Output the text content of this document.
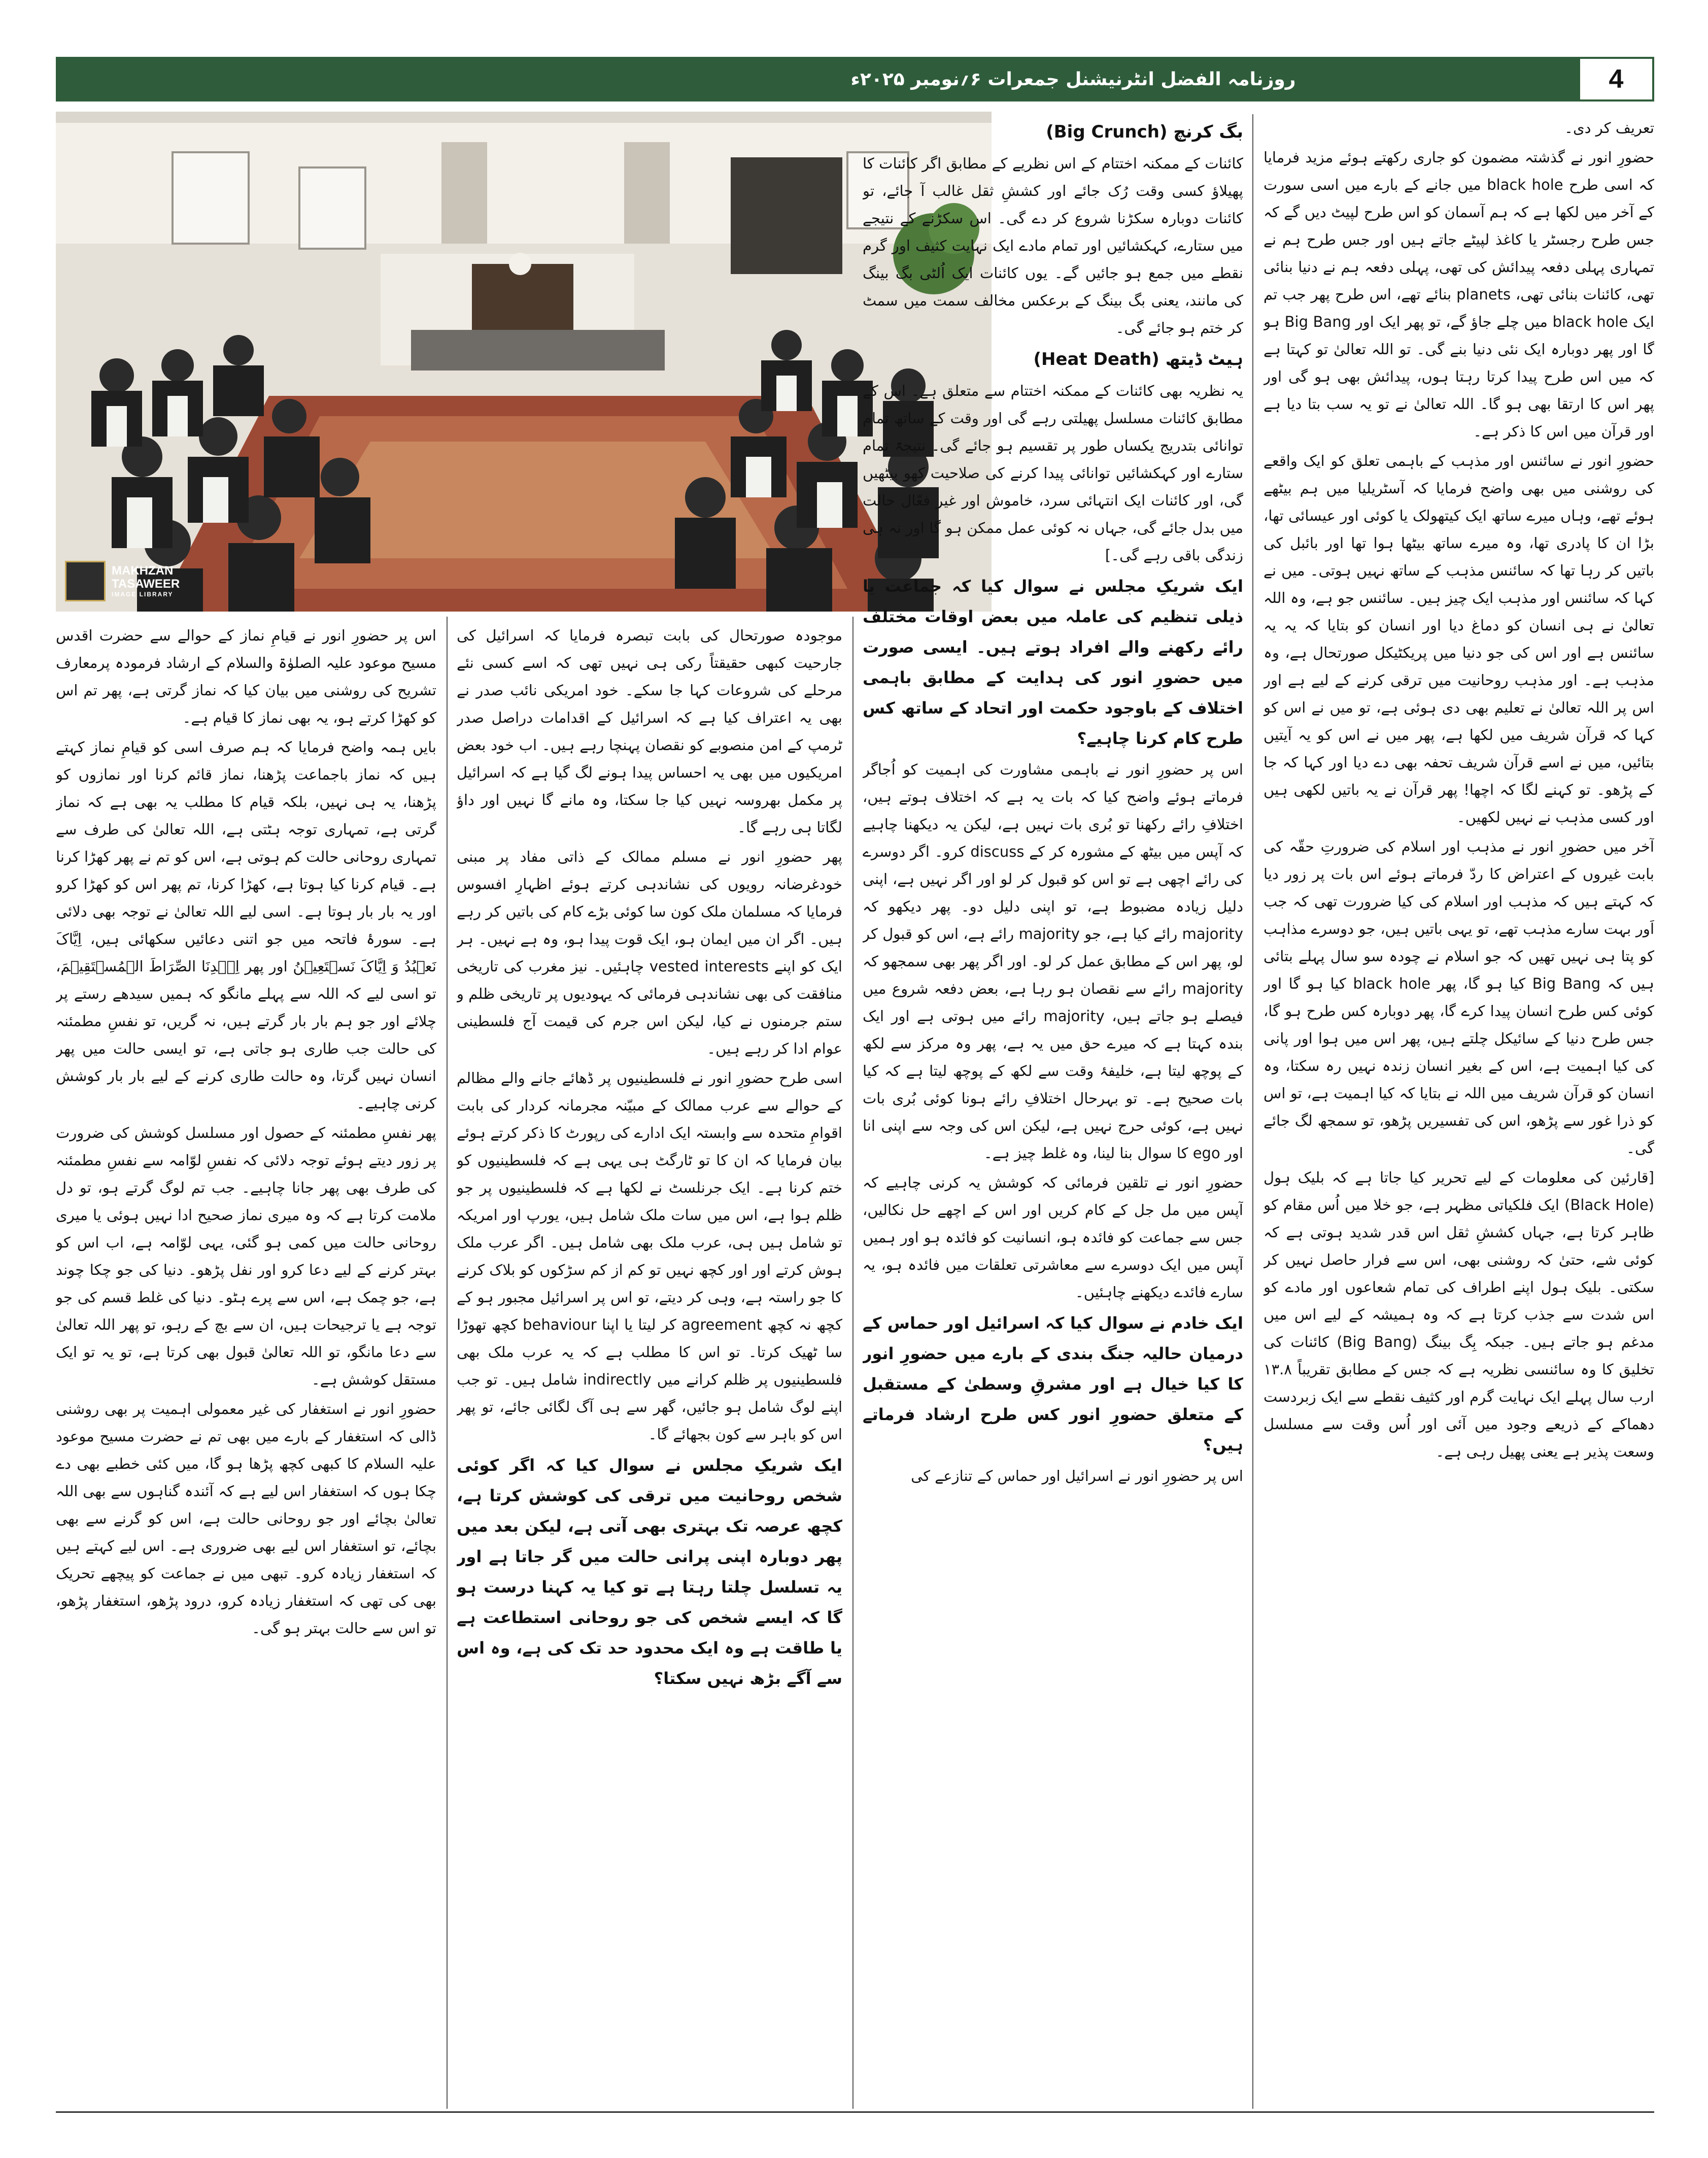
روزنامہ الفضل انٹرنیشنل جمعرات ۶؍نومبر ۲۰۲۵ء	4
MAKHZAN
TASAWEER
IMAGE LIBRARY

تعریف کر دی۔

حضورِ انور نے گذشتہ مضمون کو جاری رکھتے ہوئے مزید فرمایا کہ اسی طرح black hole میں جانے کے بارے میں اسی سورت کے آخر میں لکھا ہے کہ ہم آسمان کو اس طرح لپیٹ دیں گے کہ جس طرح رجسٹر یا کاغذ لپیٹے جاتے ہیں اور جس طرح ہم نے تمہاری پہلی دفعہ پیدائش کی تھی، پہلی دفعہ ہم نے دنیا بنائی تھی، کائنات بنائی تھی، planets بنائے تھے، اس طرح پھر جب تم ایک black hole میں چلے جاؤ گے، تو پھر ایک اور Big Bang ہو گا اور پھر دوبارہ ایک نئی دنیا بنے گی۔ تو اللہ تعالیٰ تو کہتا ہے کہ میں اس طرح پیدا کرتا رہتا ہوں، پیدائش بھی ہو گی اور پھر اس کا ارتقا بھی ہو گا۔ اللہ تعالیٰ نے تو یہ سب بتا دیا ہے اور قرآن میں اس کا ذکر ہے۔

حضورِ انور نے سائنس اور مذہب کے باہمی تعلق کو ایک واقعے کی روشنی میں بھی واضح فرمایا کہ آسٹریلیا میں ہم بیٹھے ہوئے تھے، وہاں میرے ساتھ ایک کیتھولک یا کوئی اور عیسائی تھا، بڑا ان کا پادری تھا، وہ میرے ساتھ بیٹھا ہوا تھا اور بائبل کی باتیں کر رہا تھا کہ سائنس مذہب کے ساتھ نہیں ہوتی۔ میں نے کہا کہ سائنس اور مذہب ایک چیز ہیں۔ سائنس جو ہے، وہ اللہ تعالیٰ نے ہی انسان کو دماغ دیا اور انسان کو بتایا کہ یہ یہ سائنس ہے اور اس کی جو دنیا میں پریکٹیکل صورتحال ہے، وہ مذہب ہے۔ اور مذہب روحانیت میں ترقی کرنے کے لیے ہے اور اس پر اللہ تعالیٰ نے تعلیم بھی دی ہوئی ہے، تو میں نے اس کو کہا کہ قرآن شریف میں لکھا ہے، پھر میں نے اس کو یہ آیتیں بتائیں، میں نے اسے قرآن شریف تحفہ بھی دے دیا اور کہا کہ جا کے پڑھو۔ تو کہنے لگا کہ اچھا! پھر قرآن نے یہ باتیں لکھی ہیں اور کسی مذہب نے نہیں لکھیں۔

آخر میں حضورِ انور نے مذہب اور اسلام کی ضرورتِ حقّہ کی بابت غیروں کے اعتراض کا ردّ فرماتے ہوئے اس بات پر زور دیا کہ کہتے ہیں کہ مذہب اور اسلام کی کیا ضرورت تھی کہ جب اَور بہت سارے مذہب تھے، تو یہی باتیں ہیں، جو دوسرے مذاہب کو پتا ہی نہیں تھیں کہ جو اسلام نے چودہ سو سال پہلے بتائی ہیں کہ Big Bang کیا ہو گا، پھر black hole کیا ہو گا اور کوئی کس طرح انسان پیدا کرے گا، پھر دوبارہ کس طرح ہو گا، جس طرح دنیا کے سائیکل چلتے ہیں، پھر اس میں ہوا اور پانی کی کیا اہمیت ہے، اس کے بغیر انسان زندہ نہیں رہ سکتا، وہ انسان کو قرآن شریف میں اللہ نے بتایا کہ کیا اہمیت ہے، تو اس کو ذرا غور سے پڑھو، اس کی تفسیریں پڑھو، تو سمجھ لگ جائے گی۔

[قارئین کی معلومات کے لیے تحریر کیا جاتا ہے کہ بلیک ہول (Black Hole) ایک فلکیاتی مظہر ہے، جو خلا میں اُس مقام کو ظاہر کرتا ہے، جہاں کششِ ثقل اس قدر شدید ہوتی ہے کہ کوئی شے، حتیٰ کہ روشنی بھی، اس سے فرار حاصل نہیں کر سکتی۔ بلیک ہول اپنے اطراف کی تمام شعاعوں اور مادے کو اس شدت سے جذب کرتا ہے کہ وہ ہمیشہ کے لیے اس میں مدغم ہو جاتے ہیں۔ جبکہ بِگ بینگ (Big Bang) کائنات کی تخلیق کا وہ سائنسی نظریہ ہے کہ جس کے مطابق تقریباً ۱۳.۸ ارب سال پہلے ایک نہایت گرم اور کثیف نقطے سے ایک زبردست دھماکے کے ذریعے وجود میں آئی اور اُس وقت سے مسلسل وسعت پذیر ہے یعنی پھیل رہی ہے۔

بگ کرنچ (Big Crunch)

کائنات کے ممکنہ اختتام کے اس نظریے کے مطابق اگر کائنات کا پھیلاؤ کسی وقت رُک جائے اور کششِ ثقل غالب آ جائے، تو کائنات دوبارہ سکڑنا شروع کر دے گی۔ اس سکڑنے کے نتیجے میں ستارے، کہکشائیں اور تمام مادے ایک نہایت کثیف اور گرم نقطے میں جمع ہو جائیں گے۔ یوں کائنات ایک اُلٹی بگ بینگ کی مانند، یعنی بگ بینگ کے برعکس مخالف سمت میں سمٹ کر ختم ہو جائے گی۔

ہیٹ ڈیتھ (Heat Death)

یہ نظریہ بھی کائنات کے ممکنہ اختتام سے متعلق ہے۔ اس کے مطابق کائنات مسلسل پھیلتی رہے گی اور وقت کے ساتھ تمام توانائی بتدریج یکساں طور پر تقسیم ہو جائے گی۔ نتیجۃً تمام ستارے اور کہکشائیں توانائی پیدا کرنے کی صلاحیت کھو بیٹھیں گی، اور کائنات ایک انتہائی سرد، خاموش اور غیر فعّال حالت میں بدل جائے گی، جہاں نہ کوئی عمل ممکن ہو گا اور نہ ہی زندگی باقی رہے گی۔]

ایک شریکِ مجلس نے سوال کیا کہ جماعت یا ذیلی تنظیم کی عاملہ میں بعض اوقات مختلف رائے رکھنے والے افراد ہوتے ہیں۔ ایسی صورت میں حضورِ انور کی ہدایت کے مطابق باہمی اختلاف کے باوجود حکمت اور اتحاد کے ساتھ کس طرح کام کرنا چاہیے؟

اس پر حضورِ انور نے باہمی مشاورت کی اہمیت کو اُجاگر فرماتے ہوئے واضح کیا کہ بات یہ ہے کہ اختلاف ہوتے ہیں، اختلافِ رائے رکھنا تو بُری بات نہیں ہے، لیکن یہ دیکھنا چاہیے کہ آپس میں بیٹھ کے مشورہ کر کے discuss کرو۔ اگر دوسرے کی رائے اچھی ہے تو اس کو قبول کر لو اور اگر نہیں ہے، اپنی دلیل زیادہ مضبوط ہے، تو اپنی دلیل دو۔ پھر دیکھو کہ majority رائے کیا ہے، جو majority رائے ہے، اس کو قبول کر لو، پھر اس کے مطابق عمل کر لو۔ اور اگر پھر بھی سمجھو کہ majority رائے سے نقصان ہو رہا ہے، بعض دفعہ شروع میں فیصلے ہو جاتے ہیں، majority رائے میں ہوتی ہے اور ایک بندہ کہتا ہے کہ میرے حق میں یہ ہے، پھر وہ مرکز سے لکھ کے پوچھ لیتا ہے، خلیفۂ وقت سے لکھ کے پوچھ لیتا ہے کہ کیا بات صحیح ہے۔ تو بہرحال اختلافِ رائے ہونا کوئی بُری بات نہیں ہے، کوئی حرج نہیں ہے، لیکن اس کی وجہ سے اپنی انا اور ego کا سوال بنا لینا، وہ غلط چیز ہے۔

حضورِ انور نے تلقین فرمائی کہ کوشش یہ کرنی چاہیے کہ آپس میں مل جل کے کام کریں اور اس کے اچھے حل نکالیں، جس سے جماعت کو فائدہ ہو، انسانیت کو فائدہ ہو اور ہمیں آپس میں ایک دوسرے سے معاشرتی تعلقات میں فائدہ ہو، یہ سارے فائدے دیکھنے چاہئیں۔

ایک خادم نے سوال کیا کہ اسرائیل اور حماس کے درمیان حالیہ جنگ بندی کے بارے میں حضورِ انور کا کیا خیال ہے اور مشرقِ وسطیٰ کے مستقبل کے متعلق حضورِ انور کس طرح ارشاد فرماتے ہیں؟

اس پر حضورِ انور نے اسرائیل اور حماس کے تنازعے کی

موجودہ صورتحال کی بابت تبصرہ فرمایا کہ اسرائیل کی جارحیت کبھی حقیقتاً رکی ہی نہیں تھی کہ اسے کسی نئے مرحلے کی شروعات کہا جا سکے۔ خود امریکی نائب صدر نے بھی یہ اعتراف کیا ہے کہ اسرائیل کے اقدامات دراصل صدر ٹرمپ کے امن منصوبے کو نقصان پہنچا رہے ہیں۔ اب خود بعض امریکیوں میں بھی یہ احساس پیدا ہونے لگ گیا ہے کہ اسرائیل پر مکمل بھروسہ نہیں کیا جا سکتا، وہ مانے گا نہیں اور داؤ لگاتا ہی رہے گا۔

پھر حضورِ انور نے مسلم ممالک کے ذاتی مفاد پر مبنی خودغرضانہ رویوں کی نشاندہی کرتے ہوئے اظہارِ افسوس فرمایا کہ مسلمان ملک کون سا کوئی بڑے کام کی باتیں کر رہے ہیں۔ اگر ان میں ایمان ہو، ایک قوت پیدا ہو، وہ ہے نہیں۔ ہر ایک کو اپنے vested interests چاہئیں۔ نیز مغرب کی تاریخی منافقت کی بھی نشاندہی فرمائی کہ یہودیوں پر تاریخی ظلم و ستم جرمنوں نے کیا، لیکن اس جرم کی قیمت آج فلسطینی عوام ادا کر رہے ہیں۔

اسی طرح حضورِ انور نے فلسطینیوں پر ڈھائے جانے والے مظالم کے حوالے سے عرب ممالک کے مبیّنہ مجرمانہ کردار کی بابت اقوامِ متحدہ سے وابستہ ایک ادارے کی رپورٹ کا ذکر کرتے ہوئے بیان فرمایا کہ ان کا تو ٹارگٹ ہی یہی ہے کہ فلسطینیوں کو ختم کرنا ہے۔ ایک جرنلسٹ نے لکھا ہے کہ فلسطینیوں پر جو ظلم ہوا ہے، اس میں سات ملک شامل ہیں، یورپ اور امریکہ تو شامل ہیں ہی، عرب ملک بھی شامل ہیں۔ اگر عرب ملک ہوش کرتے اور اور کچھ نہیں تو کم از کم سڑکوں کو بلاک کرنے کا جو راستہ ہے، وہی کر دیتے، تو اس پر اسرائیل مجبور ہو کے کچھ نہ کچھ agreement کر لیتا یا اپنا behaviour کچھ تھوڑا سا ٹھیک کرتا۔ تو اس کا مطلب ہے کہ یہ عرب ملک بھی فلسطینیوں پر ظلم کرانے میں indirectly شامل ہیں۔ تو جب اپنے لوگ شامل ہو جائیں، گھر سے ہی آگ لگائی جائے، تو پھر اس کو باہر سے کون بجھائے گا۔

ایک شریکِ مجلس نے سوال کیا کہ اگر کوئی شخص روحانیت میں ترقی کی کوشش کرتا ہے، کچھ عرصہ تک بہتری بھی آتی ہے، لیکن بعد میں پھر دوبارہ اپنی پرانی حالت میں گر جاتا ہے اور یہ تسلسل چلتا رہتا ہے تو کیا یہ کہنا درست ہو گا کہ ایسے شخص کی جو روحانی استطاعت ہے یا طاقت ہے وہ ایک محدود حد تک کی ہے، وہ اس سے آگے بڑھ نہیں سکتا؟

اس پر حضورِ انور نے قیامِ نماز کے حوالے سے حضرت اقدس مسیح موعود علیہ الصلوٰۃ والسلام کے ارشاد فرمودہ پرمعارف تشریح کی روشنی میں بیان کیا کہ نماز گرتی ہے، پھر تم اس کو کھڑا کرتے ہو، یہ بھی نماز کا قیام ہے۔

بایں ہمہ واضح فرمایا کہ ہم صرف اسی کو قیامِ نماز کہتے ہیں کہ نماز باجماعت پڑھنا، نماز قائم کرنا اور نمازوں کو پڑھنا، یہ ہی نہیں، بلکہ قیام کا مطلب یہ بھی ہے کہ نماز گرتی ہے، تمہاری توجہ ہٹتی ہے، اللہ تعالیٰ کی طرف سے تمہاری روحانی حالت کم ہوتی ہے، اس کو تم نے پھر کھڑا کرنا ہے۔ قیام کرنا کیا ہوتا ہے، کھڑا کرنا، تم پھر اس کو کھڑا کرو اور یہ بار بار ہوتا ہے۔ اسی لیے اللہ تعالیٰ نے توجہ بھی دلائی ہے۔ سورۂ فاتحہ میں جو اتنی دعائیں سکھائی ہیں، اِیَّاکَ نَعۡبُدُ وَ اِیَّاکَ نَسۡتَعِیۡنُ اور پھر اِہۡدِنَا الصِّرَاطَ الۡمُسۡتَقِیۡمَ، تو اسی لیے کہ اللہ سے پہلے مانگو کہ ہمیں سیدھے رستے پر چلائے اور جو ہم بار بار گرتے ہیں، نہ گریں، تو نفسِ مطمئنہ کی حالت جب طاری ہو جاتی ہے، تو ایسی حالت میں پھر انسان نہیں گرتا، وہ حالت طاری کرنے کے لیے بار بار کوشش کرنی چاہیے۔

پھر نفسِ مطمئنہ کے حصول اور مسلسل کوشش کی ضرورت پر زور دیتے ہوئے توجہ دلائی کہ نفسِ لوّامہ سے نفسِ مطمئنہ کی طرف بھی پھر جانا چاہیے۔ جب تم لوگ گرتے ہو، تو دل ملامت کرتا ہے کہ وہ میری نماز صحیح ادا نہیں ہوئی یا میری روحانی حالت میں کمی ہو گئی، یہی لوّامہ ہے، اب اس کو بہتر کرنے کے لیے دعا کرو اور نفل پڑھو۔ دنیا کی جو چکا چوند ہے، جو چمک ہے، اس سے پرے ہٹو۔ دنیا کی غلط قسم کی جو توجہ ہے یا ترجیحات ہیں، ان سے بچ کے رہو، تو پھر اللہ تعالیٰ سے دعا مانگو، تو اللہ تعالیٰ قبول بھی کرتا ہے، تو یہ تو ایک مستقل کوشش ہے۔

حضورِ انور نے استغفار کی غیر معمولی اہمیت پر بھی روشنی ڈالی کہ استغفار کے بارے میں بھی تم نے حضرت مسیح موعود علیہ السلام کا کبھی کچھ پڑھا ہو گا، میں کئی خطبے بھی دے چکا ہوں کہ استغفار اس لیے ہے کہ آئندہ گناہوں سے بھی اللہ تعالیٰ بچائے اور جو روحانی حالت ہے، اس کو گرنے سے بھی بچائے، تو استغفار اس لیے بھی ضروری ہے۔ اس لیے کہتے ہیں کہ استغفار زیادہ کرو۔ تبھی میں نے جماعت کو پیچھے تحریک بھی کی تھی کہ استغفار زیادہ کرو، درود پڑھو، استغفار پڑھو، تو اس سے حالت بہتر ہو گی۔
